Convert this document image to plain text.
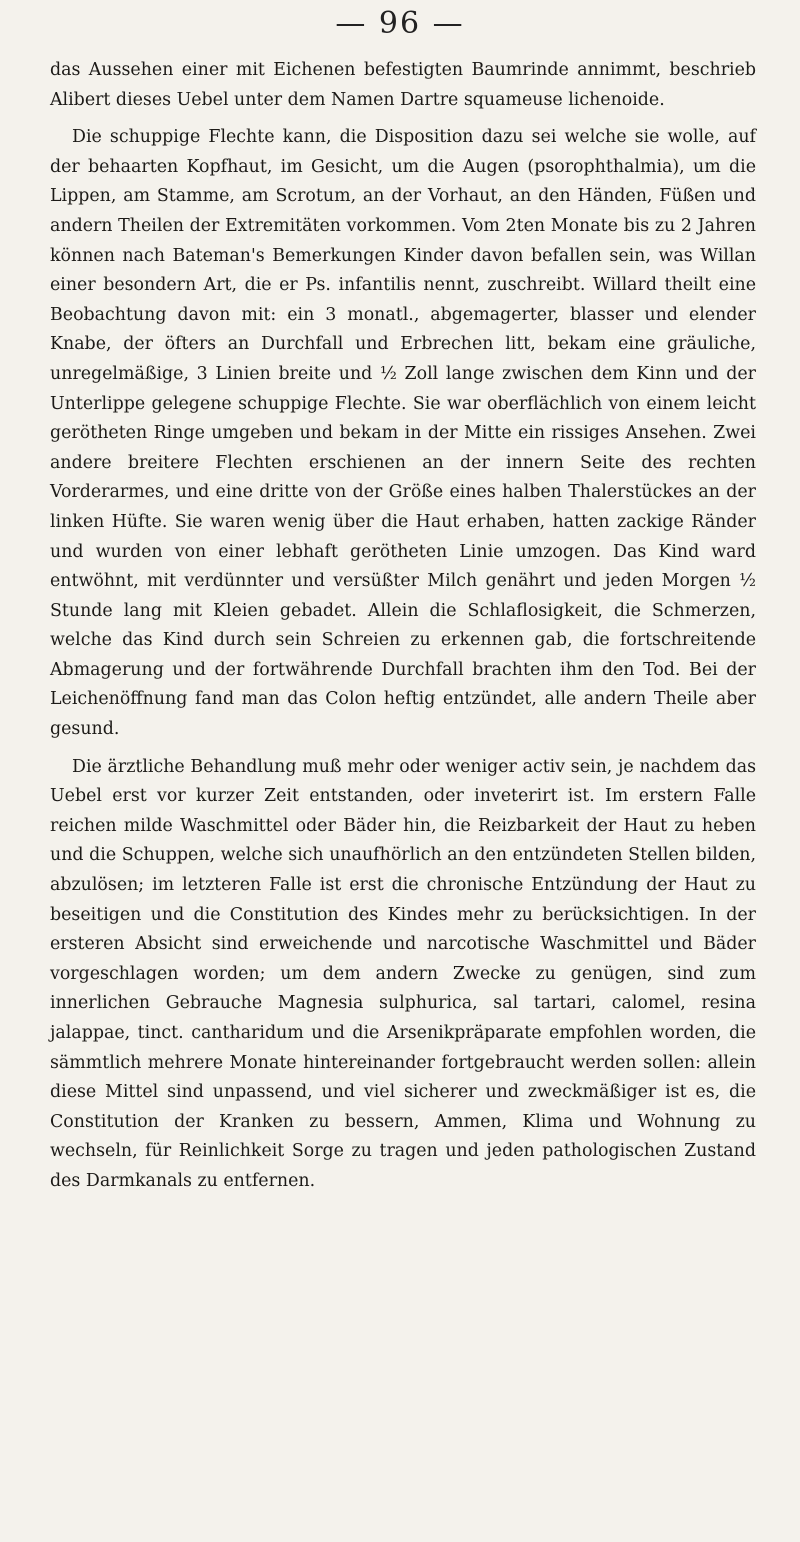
— 96 —

das Aussehen einer mit Eichenen befestigten Baumrinde annimmt, beschrieb Alibert dieses Uebel unter dem Namen Dartre squameuse lichenoide.

Die schuppige Flechte kann, die Disposition dazu sei welche sie wolle, auf der behaarten Kopfhaut, im Gesicht, um die Augen (psorophthalmia), um die Lippen, am Stamme, am Scrotum, an der Vorhaut, an den Händen, Füßen und andern Theilen der Extremitäten vorkommen. Vom 2ten Monate bis zu 2 Jahren können nach Bateman's Bemerkungen Kinder davon befallen sein, was Willan einer besondern Art, die er Ps. infantilis nennt, zuschreibt. Willard theilt eine Beobachtung davon mit: ein 3 monatl., abgemagerter, blasser und elender Knabe, der öfters an Durchfall und Erbrechen litt, bekam eine gräuliche, unregelmäßige, 3 Linien breite und ½ Zoll lange zwischen dem Kinn und der Unterlippe gelegene schuppige Flechte. Sie war oberflächlich von einem leicht gerötheten Ringe umgeben und bekam in der Mitte ein rissiges Ansehen. Zwei andere breitere Flechten erschienen an der innern Seite des rechten Vorderarmes, und eine dritte von der Größe eines halben Thalerstückes an der linken Hüfte. Sie waren wenig über die Haut erhaben, hatten zackige Ränder und wurden von einer lebhaft gerötheten Linie umzogen. Das Kind ward entwöhnt, mit verdünnter und versüßter Milch genährt und jeden Morgen ½ Stunde lang mit Kleien gebadet. Allein die Schlaflosigkeit, die Schmerzen, welche das Kind durch sein Schreien zu erkennen gab, die fortschreitende Abmagerung und der fortwährende Durchfall brachten ihm den Tod. Bei der Leichenöffnung fand man das Colon heftig entzündet, alle andern Theile aber gesund.

Die ärztliche Behandlung muß mehr oder weniger activ sein, je nachdem das Uebel erst vor kurzer Zeit entstanden, oder inveterirt ist. Im erstern Falle reichen milde Waschmittel oder Bäder hin, die Reizbarkeit der Haut zu heben und die Schuppen, welche sich unaufhörlich an den entzündeten Stellen bilden, abzulösen; im letzteren Falle ist erst die chronische Entzündung der Haut zu beseitigen und die Constitution des Kindes mehr zu berücksichtigen. In der ersteren Absicht sind erweichende und narcotische Waschmittel und Bäder vorgeschlagen worden; um dem andern Zwecke zu genügen, sind zum innerlichen Gebrauche Magnesia sulphurica, sal tartari, calomel, resina jalappae, tinct. cantharidum und die Arsenikpräparate empfohlen worden, die sämmtlich mehrere Monate hintereinander fortgebraucht werden sollen: allein diese Mittel sind unpassend, und viel sicherer und zweckmäßiger ist es, die Constitution der Kranken zu bessern, Ammen, Klima und Wohnung zu wechseln, für Reinlichkeit Sorge zu tragen und jeden pathologischen Zustand des Darmkanals zu entfernen.
